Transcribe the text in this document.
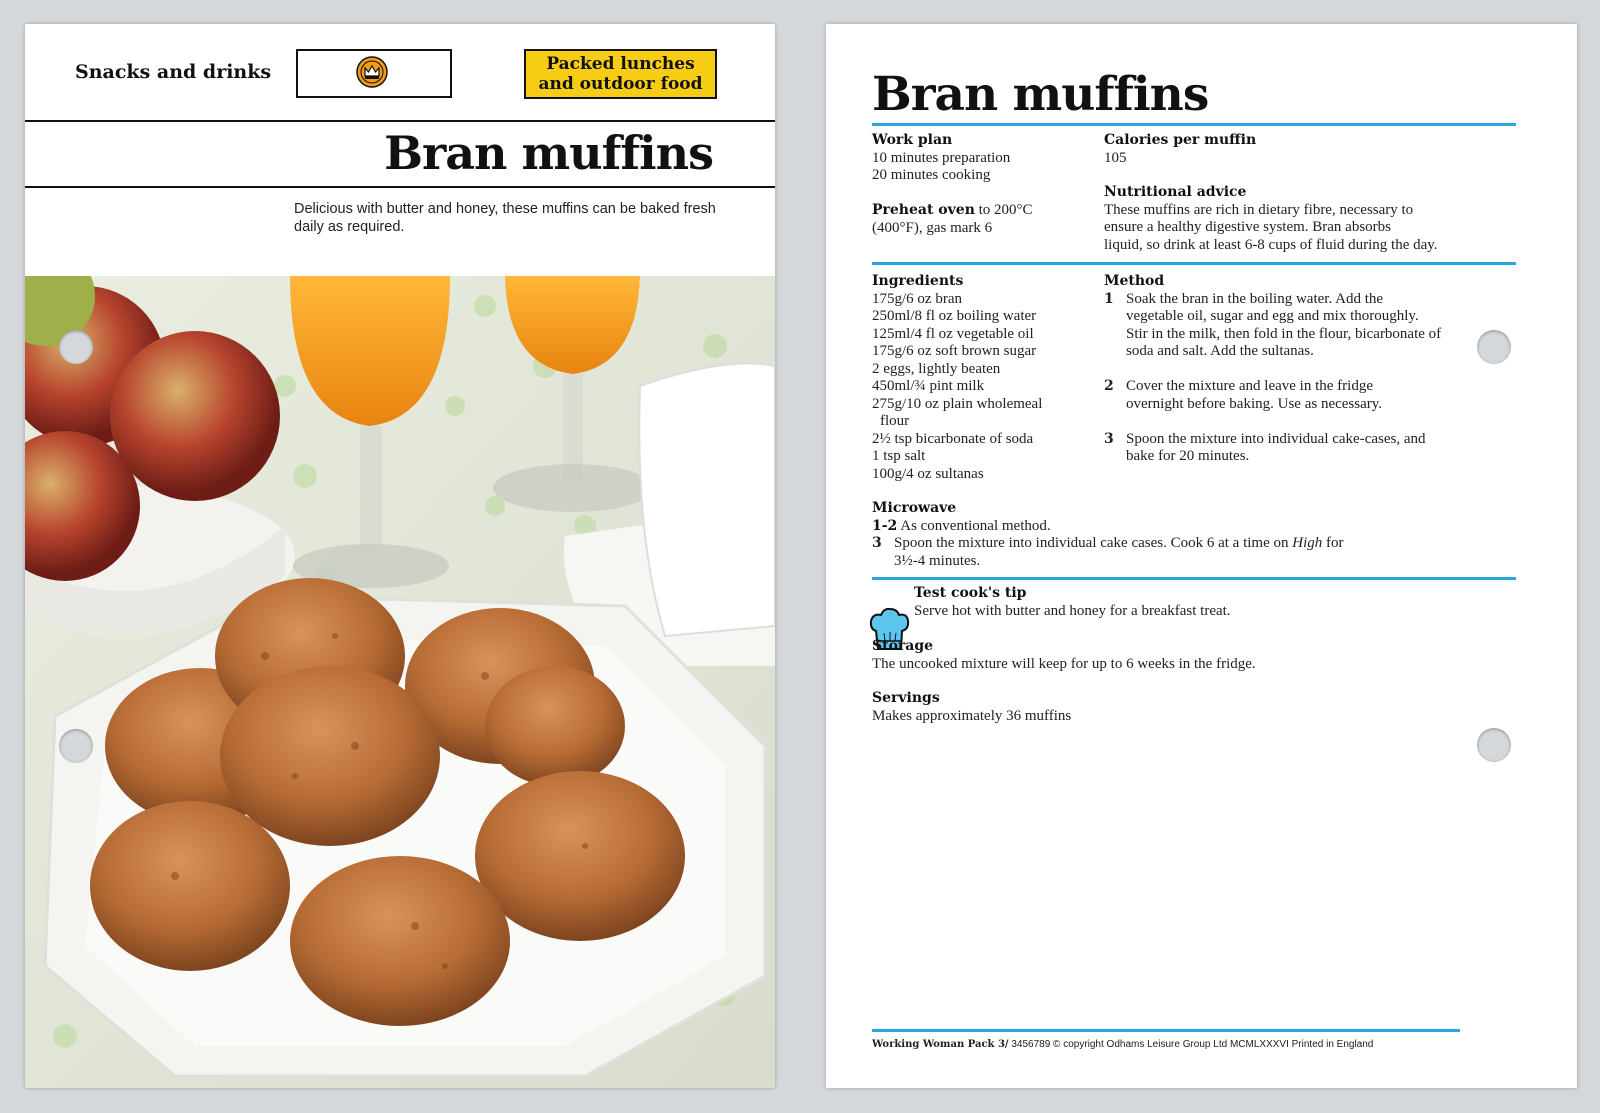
Snacks and drinks	Packed lunches
and outdoor food
Bran muffins
Delicious with butter and honey, these muffins can be baked fresh daily as required.
Bran muffins
Work plan
10 minutes preparation
20 minutes cooking
Preheat oven to 200°C
(400°F), gas mark 6
Calories per muffin
105
Nutritional advice
These muffins are rich in dietary fibre, necessary to
ensure a healthy digestive system. Bran absorbs
liquid, so drink at least 6-8 cups of fluid during the day.
Ingredients
175g/6 oz bran
250ml/8 fl oz boiling water
125ml/4 fl oz vegetable oil
175g/6 oz soft brown sugar
2 eggs, lightly beaten
450ml/¾ pint milk
275g/10 oz plain wholemeal
flour
2½ tsp bicarbonate of soda
1 tsp salt
100g/4 oz sultanas
Method
1 Soak the bran in the boiling water. Add the
vegetable oil, sugar and egg and mix thoroughly.
Stir in the milk, then fold in the flour, bicarbonate of
soda and salt. Add the sultanas.
2 Cover the mixture and leave in the fridge
overnight before baking. Use as necessary.
3 Spoon the mixture into individual cake-cases, and
bake for 20 minutes.
Microwave
1-2 As conventional method.
3 Spoon the mixture into individual cake cases. Cook 6 at a time on High for
3½-4 minutes.
Test cook's tip
Serve hot with butter and honey for a breakfast treat.
Storage
The uncooked mixture will keep for up to 6 weeks in the fridge.
Servings
Makes approximately 36 muffins
Working Woman Pack 3/ 3456789 © copyright Odhams Leisure Group Ltd MCMLXXXVI Printed in England
